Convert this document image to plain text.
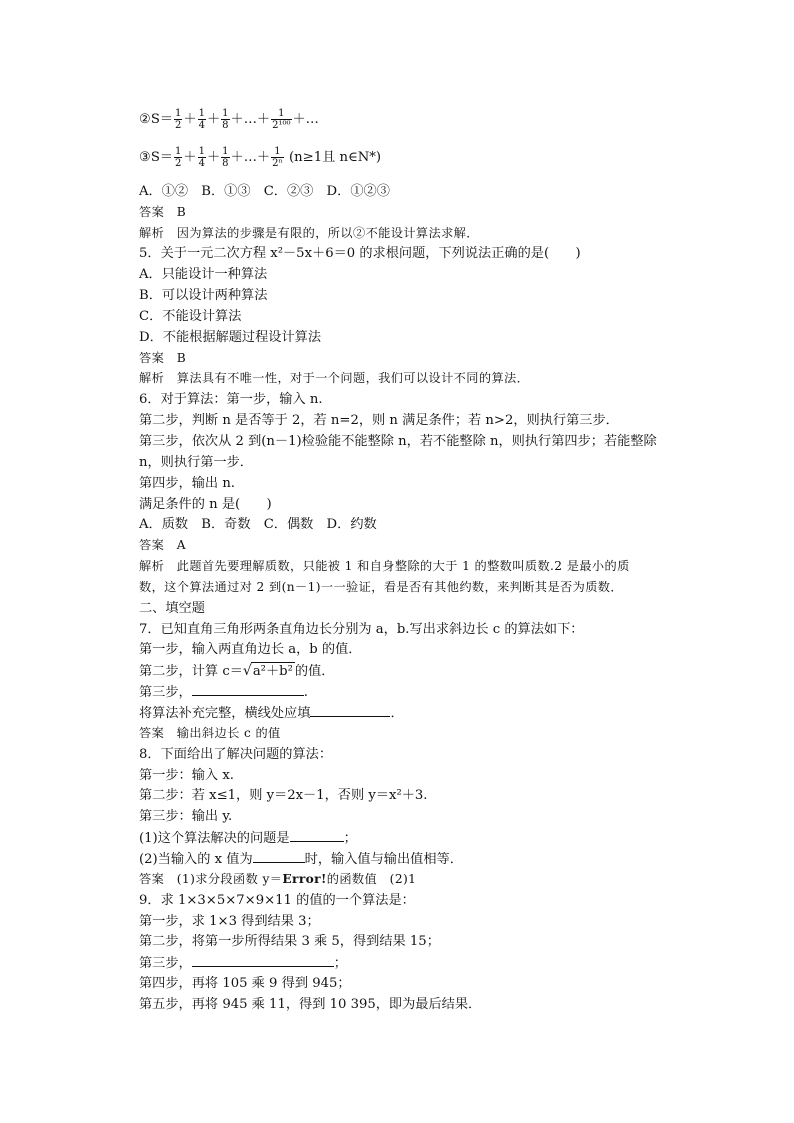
②S＝ $\frac{1}{2} + \frac{1}{4} + \frac{1}{8}$ ＋…＋ $\frac{1}{\text{2¹⁰⁰}}$ ＋…
③S＝ $\frac{1}{2} + \frac{1}{4} + \frac{1}{8}$ ＋…＋ $\frac{1}{\text{2ⁿ}} (n\ge 1$且 n∈N*)
A．①②　B．①③　C．②③　D．①②③
答案　B
解析　因为算法的步骤是有限的，所以②不能设计算法求解．
5．关于一元二次方程 x²－5x＋6＝0 的求根问题，下列说法正确的是(　　)
A．只能设计一种算法
B．可以设计两种算法
C．不能设计算法
D．不能根据解题过程设计算法
答案　B
解析　算法具有不唯一性，对于一个问题，我们可以设计不同的算法．
6．对于算法：第一步，输入 n.
第二步，判断 n 是否等于 2，若 n=2，则 n 满足条件；若 n>2，则执行第三步．
第三步，依次从 2 到(n－1)检验能不能整除 n，若不能整除 n，则执行第四步；若能整除
n，则执行第一步．
第四步，输出 n.
满足条件的 n 是(　　)
A．质数　B．奇数　C．偶数　D．约数
答案　A
解析　此题首先要理解质数，只能被 1 和自身整除的大于 1 的整数叫质数.2 是最小的质
数，这个算法通过对 2 到(n－1)一一验证，看是否有其他约数，来判断其是否为质数．
二、填空题
7．已知直角三角形两条直角边长分别为 a，b.写出求斜边长 c 的算法如下：
第一步，输入两直角边长 a，b 的值．
第二步，计算 c＝√a²＋b² 的值．
第三步，	.
将算法补充完整，横线处应填	．
答案　输出斜边长 c 的值
8．下面给出了解决问题的算法：
第一步：输入 x.
第二步：若 x≤1，则 y＝2x－1，否则 y＝x²＋3.
第三步：输出 y.
(1)这个算法解决的问题是	；
(2)当输入的 x 值为	时，输入值与输出值相等．
答案　(1)求分段函数 y＝Error!的函数值　(2)1
9．求 1×3×5×7×9×11 的值的一个算法是：
第一步，求 1×3 得到结果 3；
第二步，将第一步所得结果 3 乘 5，得到结果 15；
第三步，	；
第四步，再将 105 乘 9 得到 945；
第五步，再将 945 乘 11，得到 10 395，即为最后结果．
